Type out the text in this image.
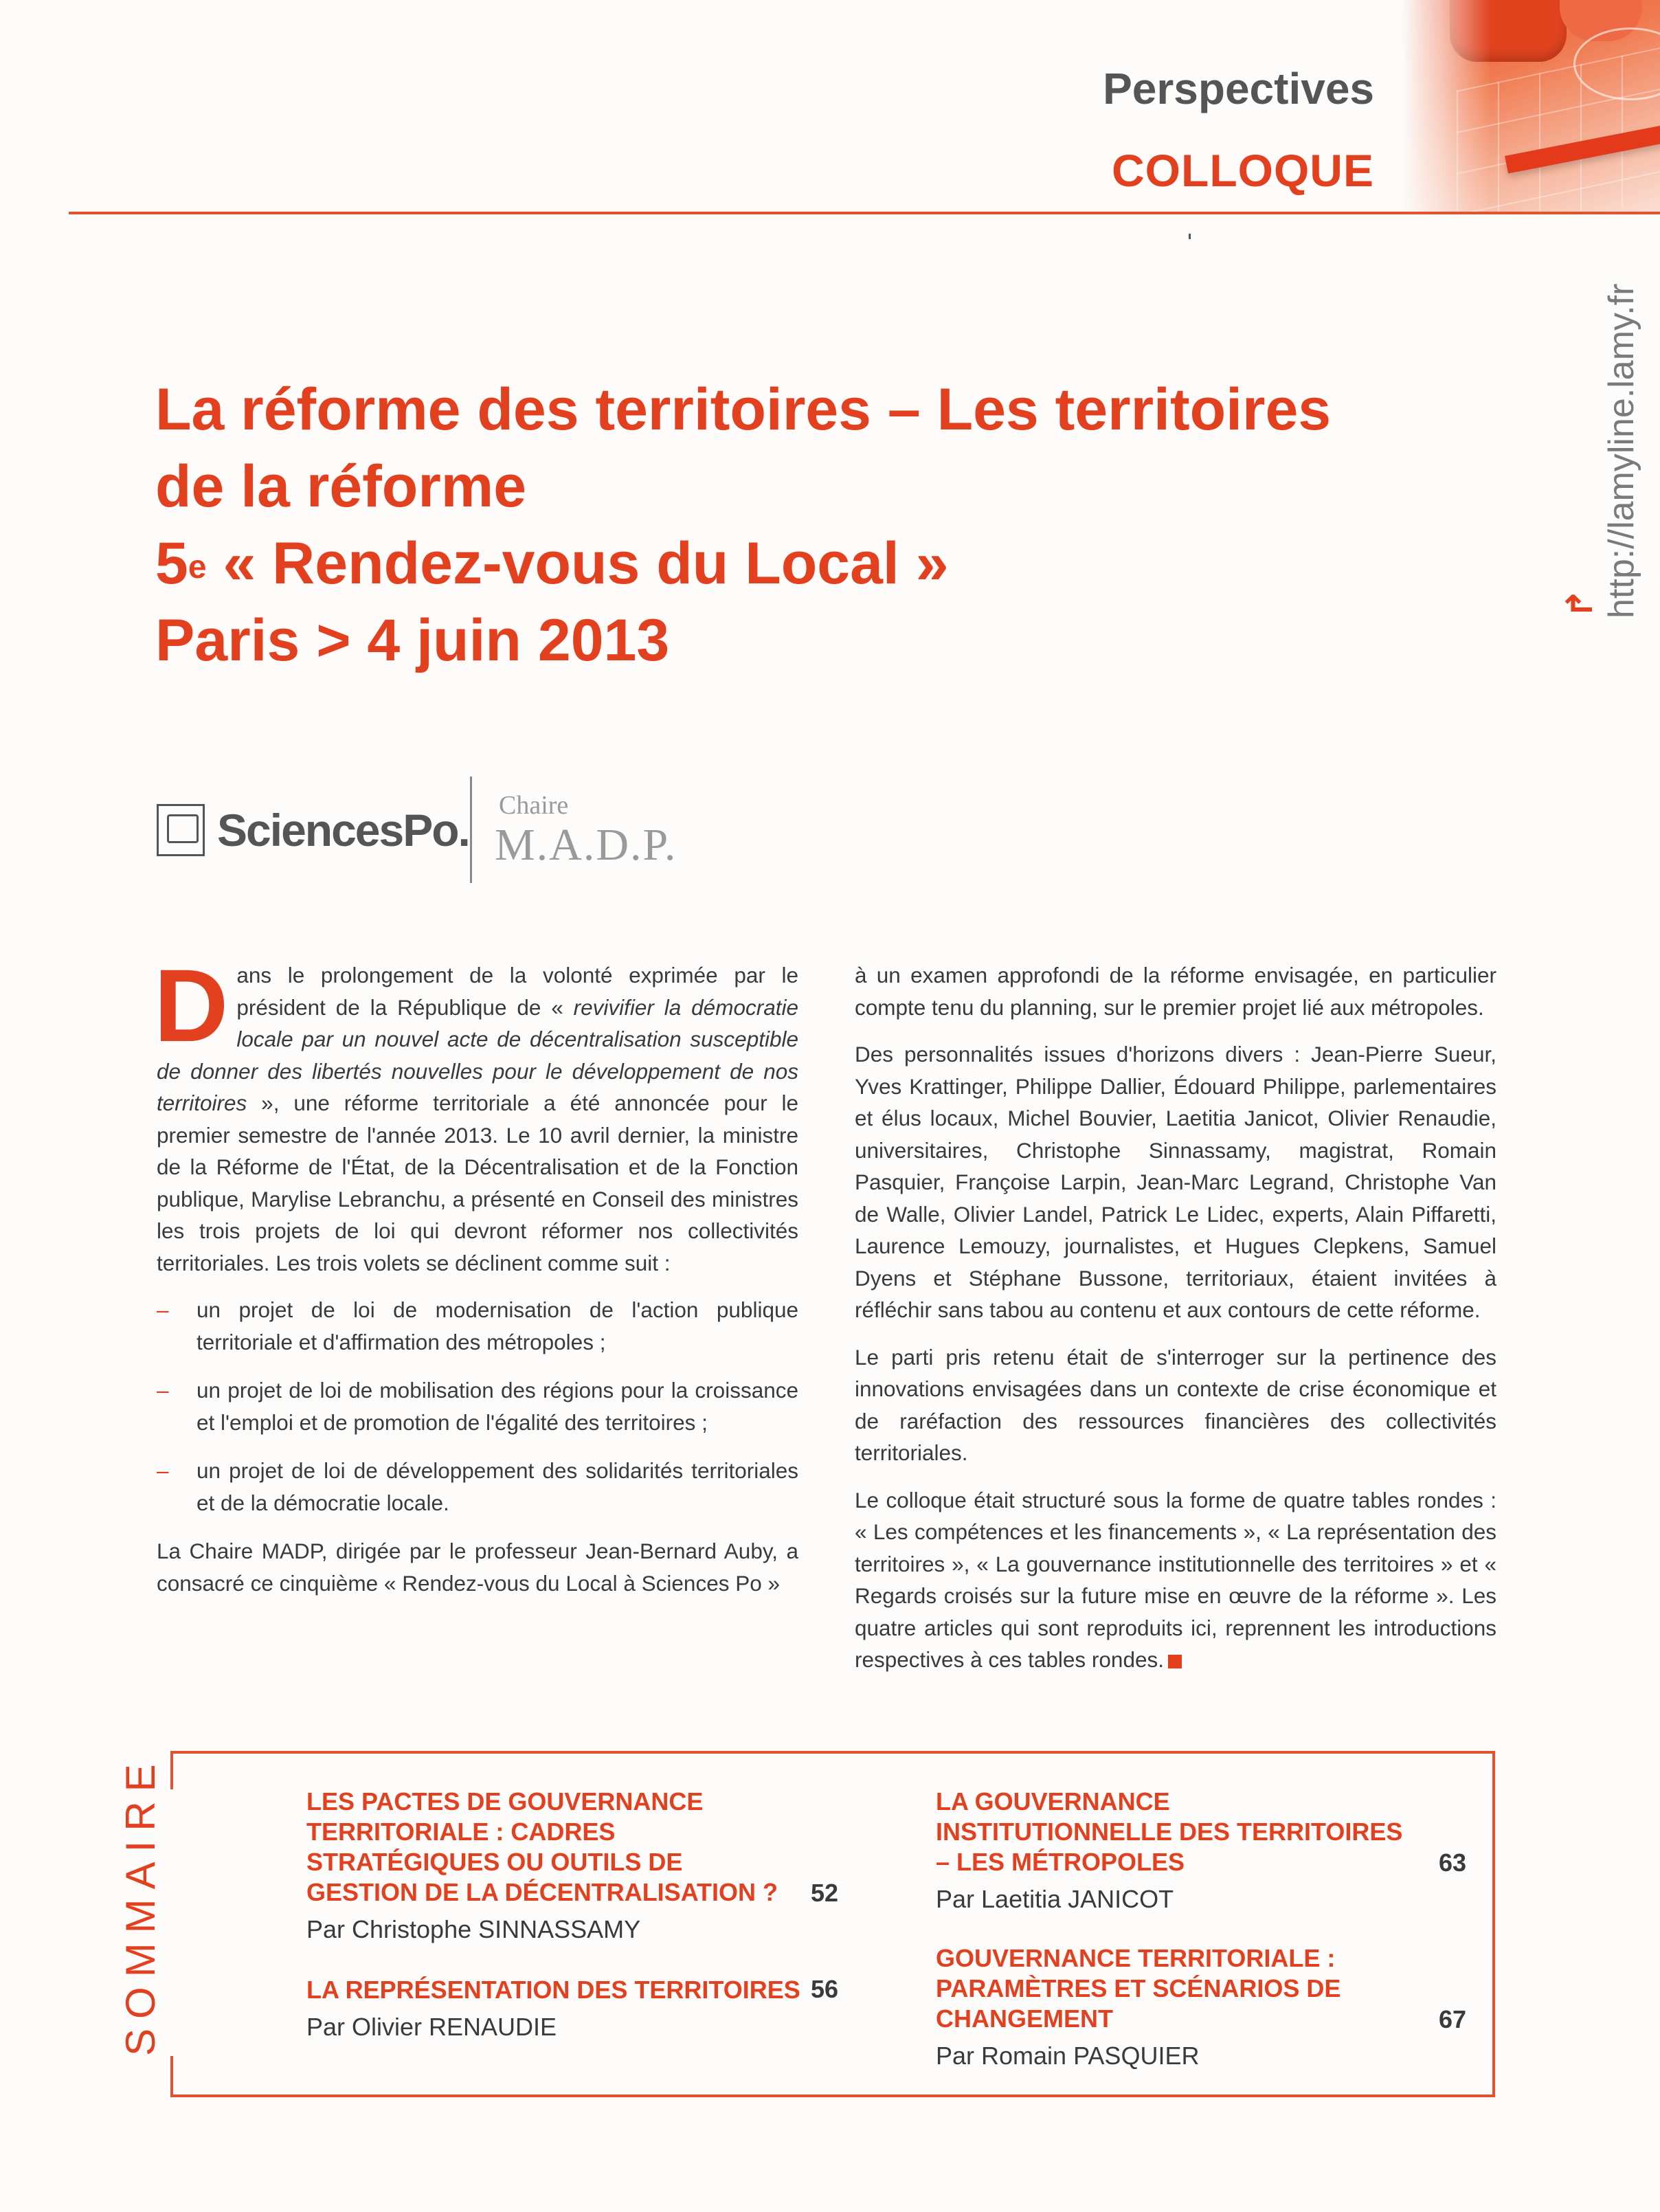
Perspectives
COLLOQUE
↱ http://lamyline.lamy.fr
La réforme des territoires – Les territoires
de la réforme
5e « Rendez-vous du Local »
Paris > 4 juin 2013
SciencesPo. Chaire
M.A.D.P.

Dans le prolongement de la volonté exprimée par le président de la République de « revivifier la démocratie locale par un nouvel acte de décentralisation susceptible de donner des libertés nouvelles pour le développement de nos territoires », une réforme territoriale a été annoncée pour le premier semestre de l'année 2013. Le 10 avril dernier, la ministre de la Réforme de l'État, de la Décentralisation et de la Fonction publique, Marylise Lebranchu, a présenté en Conseil des ministres les trois projets de loi qui devront réformer nos collectivités territoriales. Les trois volets se déclinent comme suit :

– un projet de loi de modernisation de l'action publique territoriale et d'affirmation des métropoles ;
– un projet de loi de mobilisation des régions pour la croissance et l'emploi et de promotion de l'égalité des territoires ;
– un projet de loi de développement des solidarités territoriales et de la démocratie locale.

La Chaire MADP, dirigée par le professeur Jean-Bernard Auby, a consacré ce cinquième « Rendez-vous du Local à Sciences Po »

à un examen approfondi de la réforme envisagée, en particulier compte tenu du planning, sur le premier projet lié aux métropoles.

Des personnalités issues d'horizons divers : Jean-Pierre Sueur, Yves Krattinger, Philippe Dallier, Édouard Philippe, parlementaires et élus locaux, Michel Bouvier, Laetitia Janicot, Olivier Renaudie, universitaires, Christophe Sinnassamy, magistrat, Romain Pasquier, Françoise Larpin, Jean-Marc Legrand, Christophe Van de Walle, Olivier Landel, Patrick Le Lidec, experts, Alain Piffaretti, Laurence Lemouzy, journalistes, et Hugues Clepkens, Samuel Dyens et Stéphane Bussone, territoriaux, étaient invitées à réfléchir sans tabou au contenu et aux contours de cette réforme.

Le parti pris retenu était de s'interroger sur la pertinence des innovations envisagées dans un contexte de crise économique et de raréfaction des ressources financières des collectivités territoriales.

Le colloque était structuré sous la forme de quatre tables rondes : « Les compétences et les financements », « La représentation des territoires », « La gouvernance institutionnelle des territoires » et « Regards croisés sur la future mise en œuvre de la réforme ». Les quatre articles qui sont reproduits ici, reprennent les introductions respectives à ces tables rondes.

SOMMAIRE	LES PACTES DE GOUVERNANCE
TERRITORIALE : CADRES
STRATÉGIQUES OU OUTILS DE
GESTION DE LA DÉCENTRALISATION ?
Par Christophe SINNASSAMY
52
LA REPRÉSENTATION DES TERRITOIRES
Par Olivier RENAUDIE
56
LA GOUVERNANCE
INSTITUTIONNELLE DES TERRITOIRES
– LES MÉTROPOLES
Par Laetitia JANICOT
63
GOUVERNANCE TERRITORIALE :
PARAMÈTRES ET SCÉNARIOS DE
CHANGEMENT
Par Romain PASQUIER
67
